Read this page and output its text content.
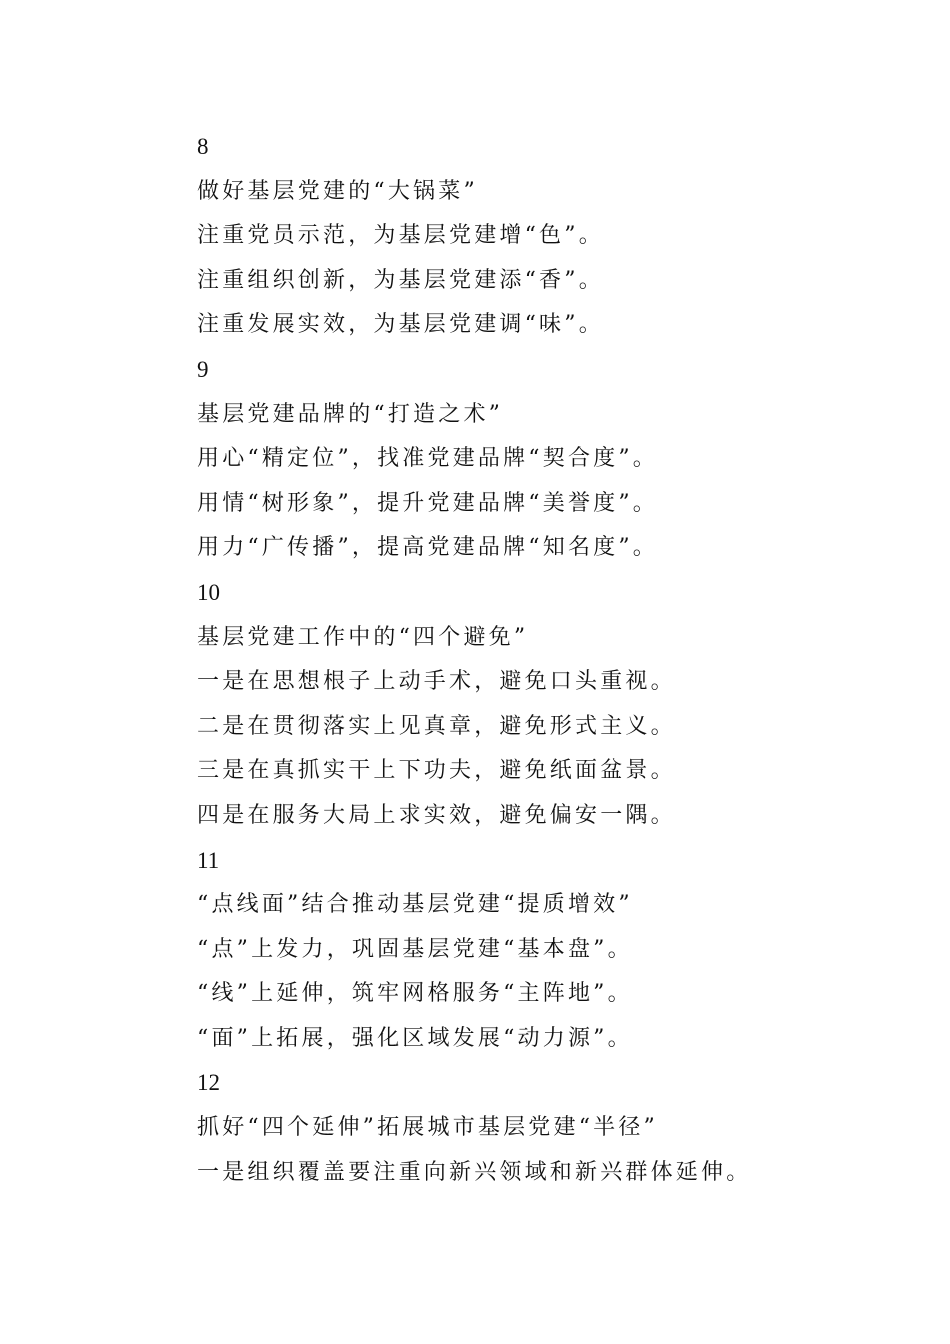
8
做好基层党建的“大锅菜”
注重党员示范，为基层党建增“色”。
注重组织创新，为基层党建添“香”。
注重发展实效，为基层党建调“味”。
9
基层党建品牌的“打造之术”
用心“精定位”，找准党建品牌“契合度”。
用情“树形象”，提升党建品牌“美誉度”。
用力“广传播”，提高党建品牌“知名度”。
10
基层党建工作中的“四个避免”
一是在思想根子上动手术，避免口头重视。
二是在贯彻落实上见真章，避免形式主义。
三是在真抓实干上下功夫，避免纸面盆景。
四是在服务大局上求实效，避免偏安一隅。
11
“点线面”结合推动基层党建“提质增效”
“点”上发力，巩固基层党建“基本盘”。
“线”上延伸，筑牢网格服务“主阵地”。
“面”上拓展，强化区域发展“动力源”。
12
抓好“四个延伸”拓展城市基层党建“半径”
一是组织覆盖要注重向新兴领域和新兴群体延伸。
